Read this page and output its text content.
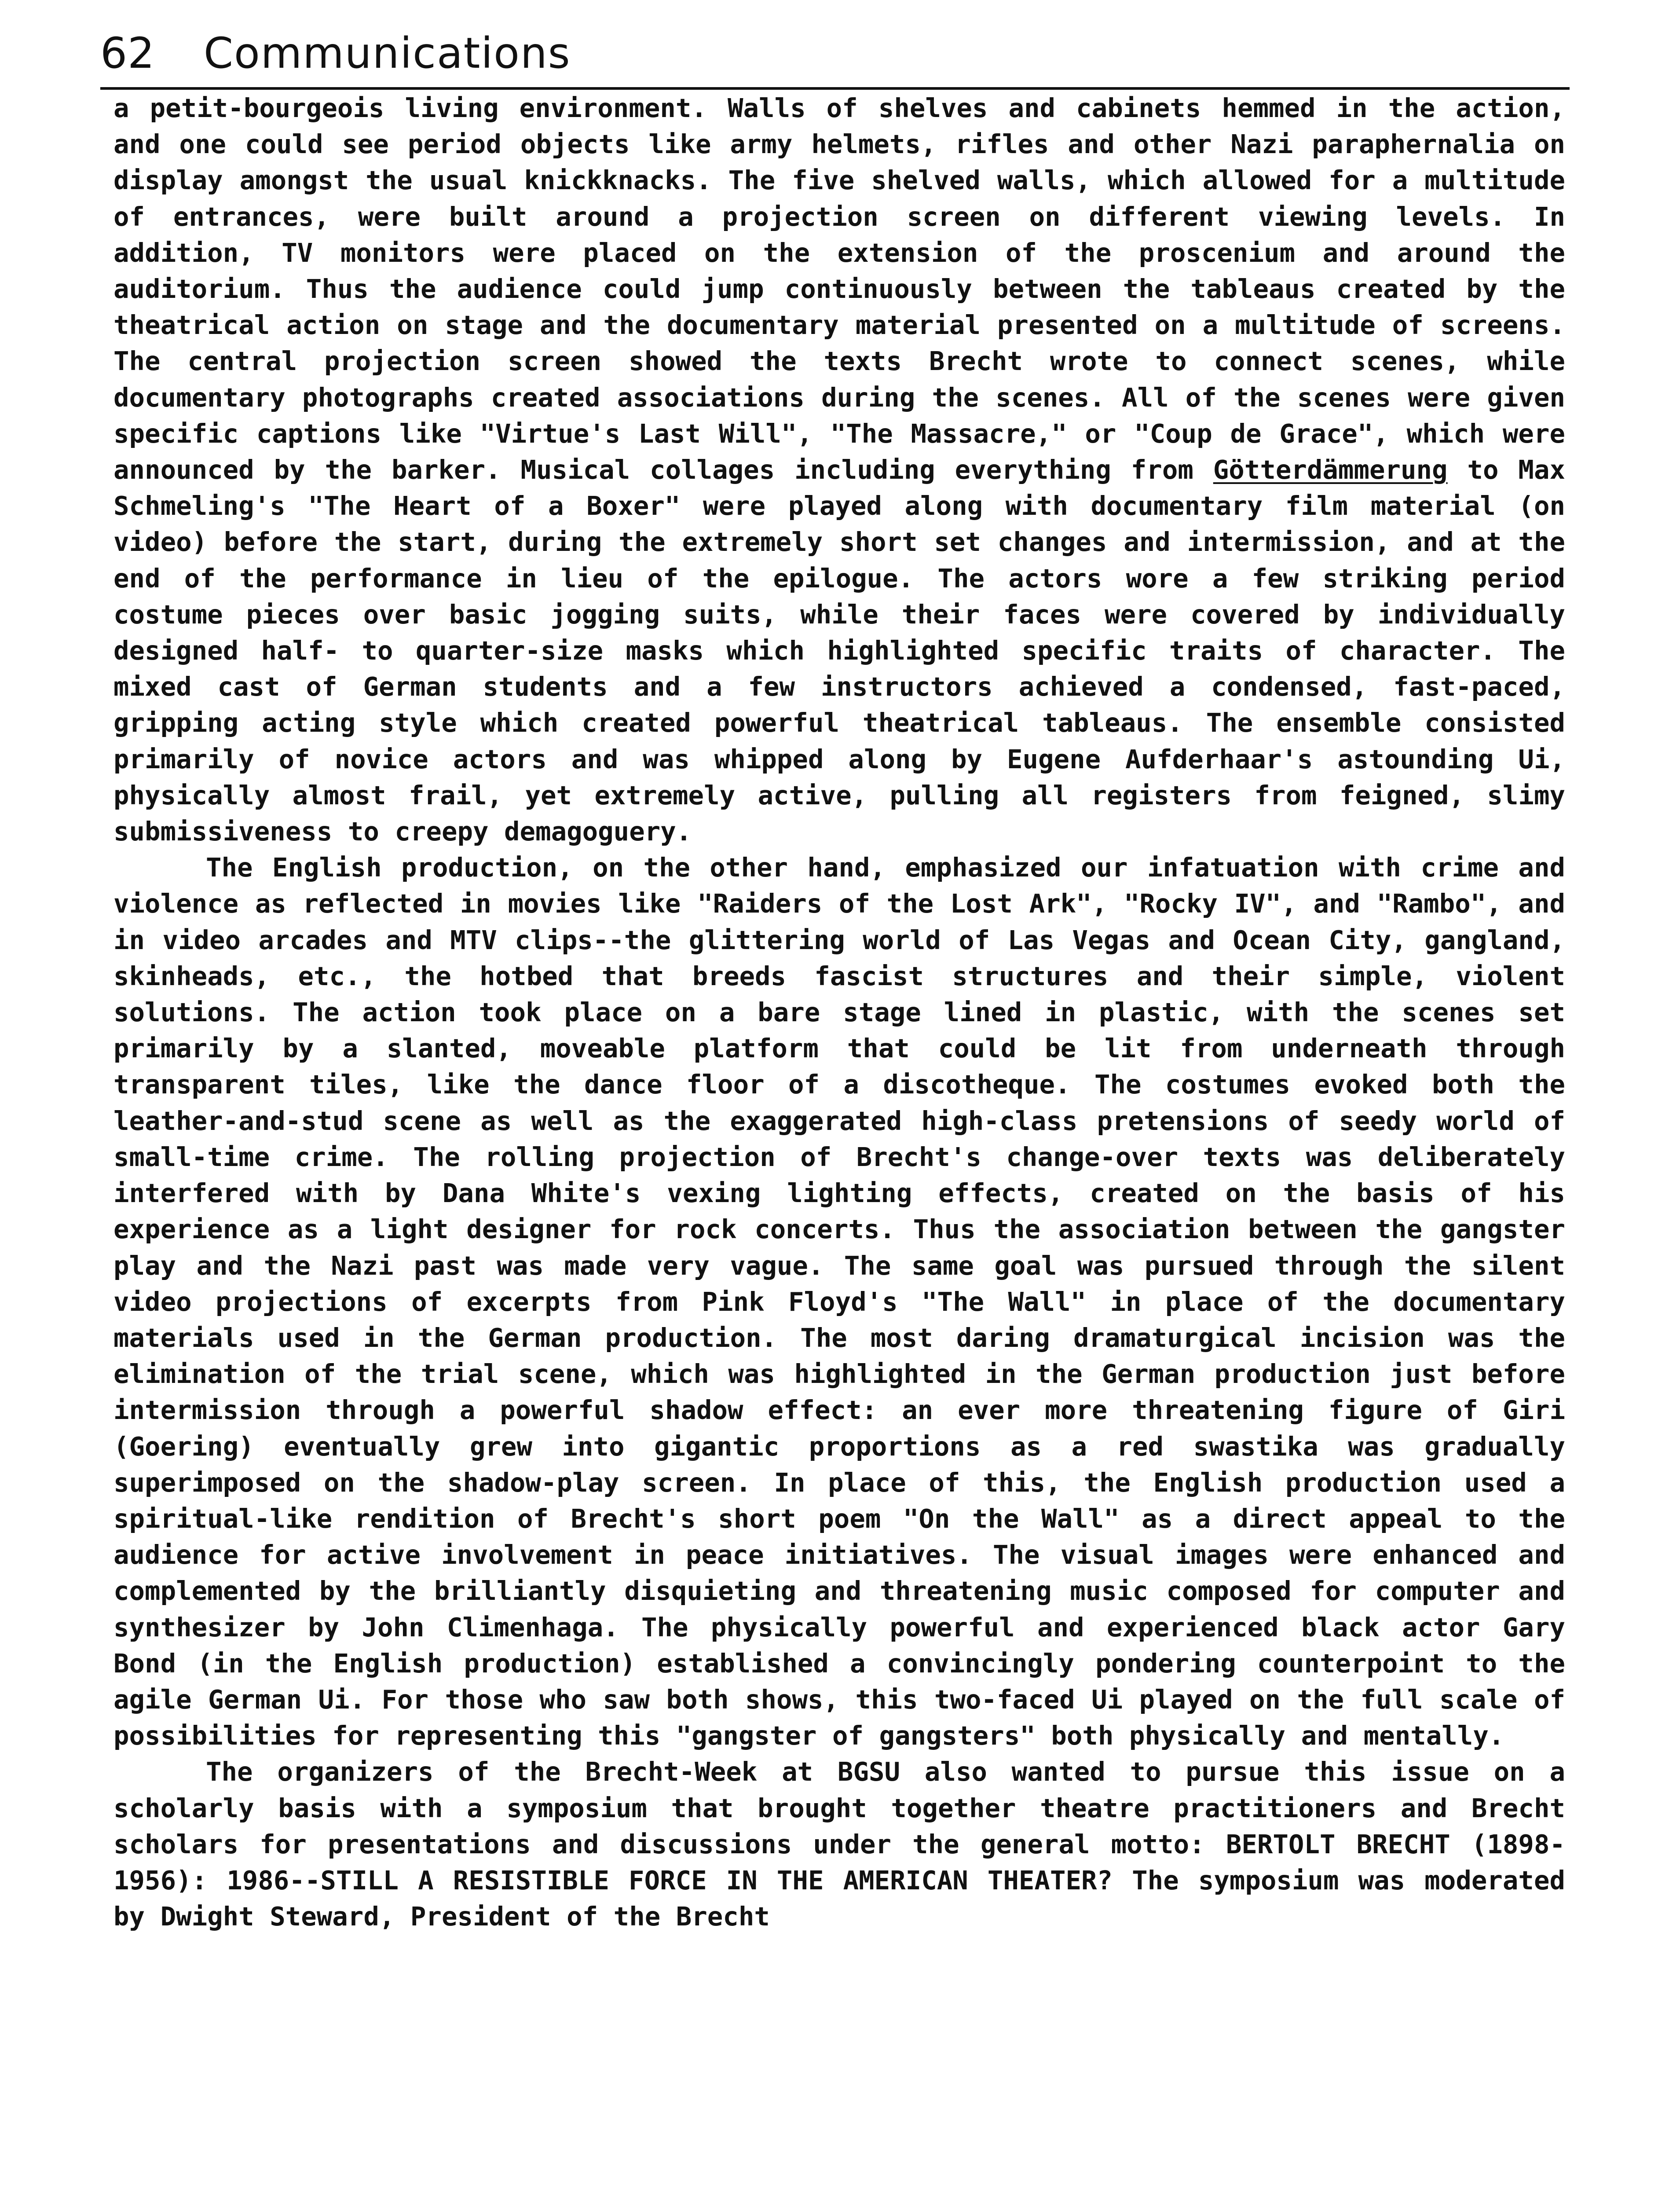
62 Communications

a petit-bourgeois living environment. Walls of shelves and cabinets hemmed in the action, and one could see period objects like army helmets, rifles and other Nazi paraphernalia on display amongst the usual knickknacks. The five shelved walls, which allowed for a multitude of entrances, were built around a projection screen on different viewing levels. In addition, TV monitors were placed on the extension of the proscenium and around the auditorium. Thus the audience could jump continuously between the tableaus created by the theatrical action on stage and the documentary material presented on a multitude of screens. The central projection screen showed the texts Brecht wrote to connect scenes, while documentary photographs created associations during the scenes. All of the scenes were given specific captions like "Virtue's Last Will", "The Massacre," or "Coup de Grace", which were announced by the barker. Musical collages including everything from Götterdämmerung to Max Schmeling's "The Heart of a Boxer" were played along with documentary film material (on video) before the start, during the extremely short set changes and intermission, and at the end of the performance in lieu of the epilogue. The actors wore a few striking period costume pieces over basic jogging suits, while their faces were covered by individually designed half- to quarter-size masks which highlighted specific traits of character. The mixed cast of German students and a few instructors achieved a condensed, fast-paced, gripping acting style which created powerful theatrical tableaus. The ensemble consisted primarily of novice actors and was whipped along by Eugene Aufderhaar's astounding Ui, physically almost frail, yet extremely active, pulling all registers from feigned, slimy submissiveness to creepy demagoguery.

The English production, on the other hand, emphasized our infatuation with crime and violence as reflected in movies like "Raiders of the Lost Ark", "Rocky IV", and "Rambo", and in video arcades and MTV clips--the glittering world of Las Vegas and Ocean City, gangland, skinheads, etc., the hotbed that breeds fascist structures and their simple, violent solutions. The action took place on a bare stage lined in plastic, with the scenes set primarily by a slanted, moveable platform that could be lit from underneath through transparent tiles, like the dance floor of a discotheque. The costumes evoked both the leather-and-stud scene as well as the exaggerated high-class pretensions of seedy world of small-time crime. The rolling projection of Brecht's change-over texts was deliberately interfered with by Dana White's vexing lighting effects, created on the basis of his experience as a light designer for rock concerts. Thus the association between the gangster play and the Nazi past was made very vague. The same goal was pursued through the silent video projections of excerpts from Pink Floyd's "The Wall" in place of the documentary materials used in the German production. The most daring dramaturgical incision was the elimination of the trial scene, which was highlighted in the German production just before intermission through a powerful shadow effect: an ever more threatening figure of Giri (Goering) eventually grew into gigantic proportions as a red swastika was gradually superimposed on the shadow-play screen. In place of this, the English production used a spiritual-like rendition of Brecht's short poem "On the Wall" as a direct appeal to the audience for active involvement in peace initiatives. The visual images were enhanced and complemented by the brilliantly disquieting and threatening music composed for computer and synthesizer by John Climenhaga. The physically powerful and experienced black actor Gary Bond (in the English production) established a convincingly pondering counterpoint to the agile German Ui. For those who saw both shows, this two-faced Ui played on the full scale of possibilities for representing this "gangster of gangsters" both physically and mentally.

The organizers of the Brecht-Week at BGSU also wanted to pursue this issue on a scholarly basis with a symposium that brought together theatre practitioners and Brecht scholars for presentations and discussions under the general motto: BERTOLT BRECHT (1898-1956): 1986--STILL A RESISTIBLE FORCE IN THE AMERICAN THEATER? The symposium was moderated by Dwight Steward, President of the Brecht
